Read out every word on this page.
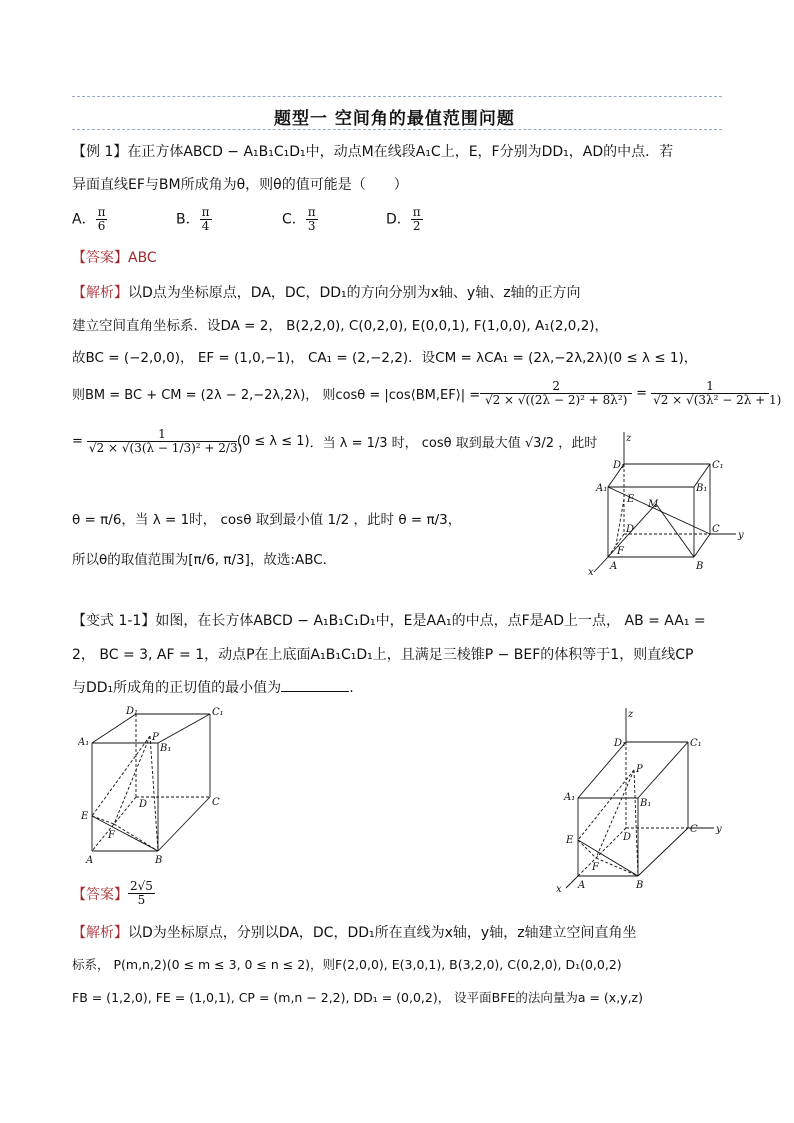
题型一 空间角的最值范围问题
【例 1】在正方体ABCD − A₁B₁C₁D₁中，动点M在线段A₁C上，E，F分别为DD₁，AD的中点．若
异面直线EF与BM所成角为θ，则θ的值可能是（　　）
A． $\frac{\pi}{6}$	B． $\frac{\pi}{4}$	C． $\frac{\pi}{3}$	D． $\frac{\pi}{2}$
【答案】ABC
【解析】以D点为坐标原点，DA，DC，DD₁的方向分别为x轴、y轴、z轴的正方向
建立空间直角坐标系．设DA = 2， B(2,2,0), C(0,2,0), E(0,0,1), F(1,0,0), A₁(2,0,2)，
故BC = (−2,0,0)， EF = (1,0,−1)， CA₁ = (2,−2,2)．设CM = λCA₁ = (2λ,−2λ,2λ)(0 ≤ λ ≤ 1)，
则BM = BC + CM = (2λ − 2,−2λ,2λ)， 则cosθ = |cos⟨BM,EF⟩| = $\frac{2}{\text{√2 × √((2λ − 2)² + 8λ²)}} = \frac{1}{\text{√2 × √(3λ² − 2λ + 1)}}$
= $\frac{1}{\text{√2 × √(3(λ − 1/3)² + 2/3)}} (0 \le \lambda \le 1)$ ．当 λ = 1/3 时， cosθ 取到最大值 √3/2 ，此时
θ = π/6，当 λ = 1时， cosθ 取到最小值 1/2 ，此时 θ = π/3，
所以θ的取值范围为[π/6, π/3]，故选:ABC．
z
D₁	C₁
A₁	B₁
E M
D	C
y
F
A	B
x
【变式 1-1】如图，在长方体ABCD − A₁B₁C₁D₁中，E是AA₁的中点，点F是AD上一点， AB = AA₁ =
2， BC = 3, AF = 1，动点P在上底面A₁B₁C₁D₁上，且满足三棱锥P − BEF的体积等于1，则直线CP
与DD₁所成角的正切值的最小值为	.
D₁	C₁
P
A₁
B₁
E
D	C
F
A	B
z
D₁	C₁
P
A₁
B₁
E	D
C y
F
A	B
x
【答案】 $\frac{2√5}{5}$
【解析】以D为坐标原点，分别以DA，DC，DD₁所在直线为x轴，y轴，z轴建立空间直角坐
标系， P(m,n,2)(0 ≤ m ≤ 3, 0 ≤ n ≤ 2)，则F(2,0,0), E(3,0,1), B(3,2,0), C(0,2,0), D₁(0,0,2)
FB = (1,2,0), FE = (1,0,1), CP = (m,n − 2,2), DD₁ = (0,0,2)， 设平面BFE的法向量为a = (x,y,z)
